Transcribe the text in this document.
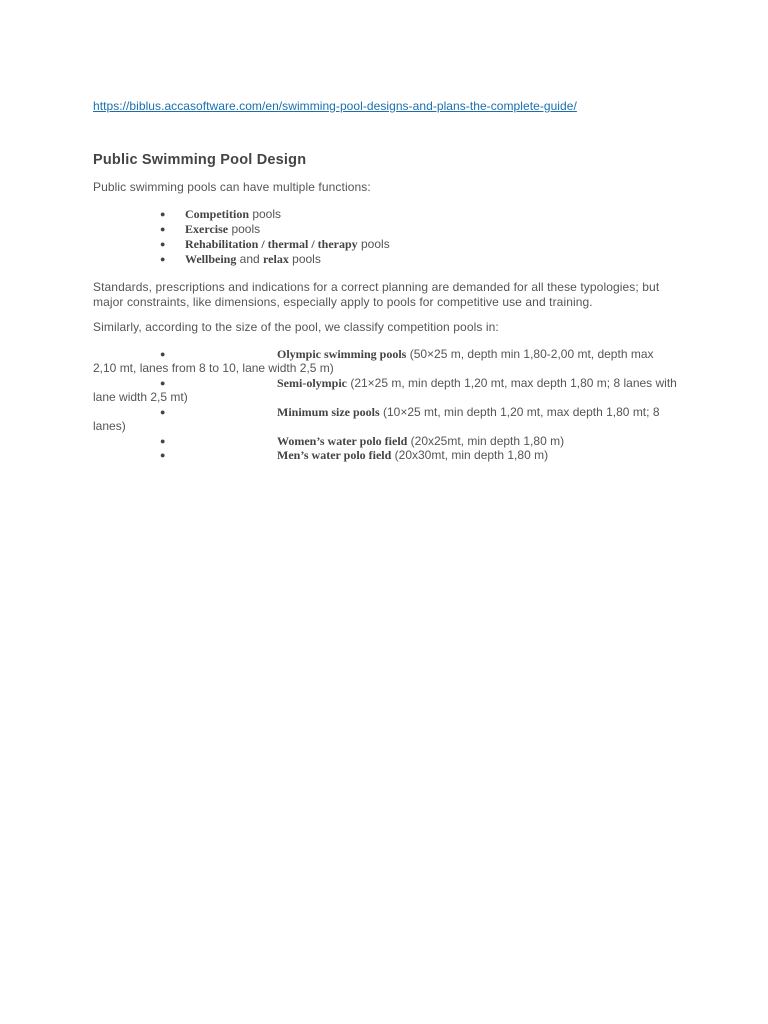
https://biblus.accasoftware.com/en/swimming-pool-designs-and-plans-the-complete-guide/
Public Swimming Pool Design

Public swimming pools can have multiple functions:

● Competition pools
● Exercise pools
● Rehabilitation / thermal / therapy pools
● Wellbeing and relax pools

Standards, prescriptions and indications for a correct planning are demanded for all these typologies; but major constraints, like dimensions, especially apply to pools for competitive use and training.

Similarly, according to the size of the pool, we classify competition pools in:

●	Olympic swimming pools (50×25 m, depth min 1,80-2,00 mt, depth max 2,10 mt, lanes from 8 to 10, lane width 2,5 m)
●	Semi-olympic (21×25 m, min depth 1,20 mt, max depth 1,80 m; 8 lanes with lane width 2,5 mt)
●	Minimum size pools (10×25 mt, min depth 1,20 mt, max depth 1,80 mt; 8 lanes)
●	Women’s water polo field (20x25mt, min depth 1,80 m)
●	Men’s water polo field (20x30mt, min depth 1,80 m)
